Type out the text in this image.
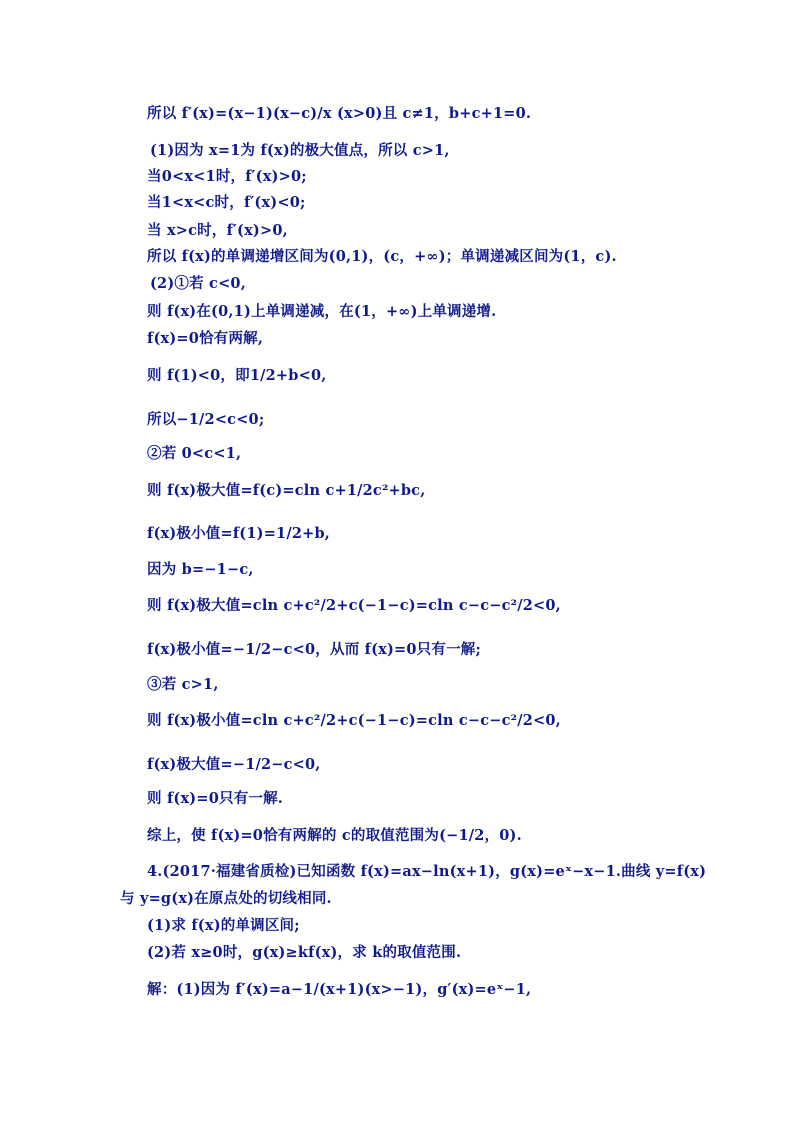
所以 f′(x)=(x−1)(x−c)/x (x>0)且 c≠1，b+c+1=0.
(1)因为 x=1为 f(x)的极大值点，所以 c>1,
当0<x<1时，f′(x)>0;
当1<x<c时，f′(x)<0;
当 x>c时，f′(x)>0,
所以 f(x)的单调递增区间为(0,1)，(c，+∞)；单调递减区间为(1，c).
(2)①若 c<0,
则 f(x)在(0,1)上单调递减，在(1，+∞)上单调递增.
f(x)=0恰有两解,
则 f(1)<0，即1/2+b<0,
所以−1/2<c<0;
②若 0<c<1,
则 f(x)极大值=f(c)=cln c+1/2c²+bc,
f(x)极小值=f(1)=1/2+b,
因为 b=−1−c,
则 f(x)极大值=cln c+c²/2+c(−1−c)=cln c−c−c²/2<0,
f(x)极小值=−1/2−c<0，从而 f(x)=0只有一解;
③若 c>1,
则 f(x)极小值=cln c+c²/2+c(−1−c)=cln c−c−c²/2<0,
f(x)极大值=−1/2−c<0,
则 f(x)=0只有一解.
综上，使 f(x)=0恰有两解的 c的取值范围为(−1/2，0).
4.(2017·福建省质检)已知函数 f(x)=ax−ln(x+1)，g(x)=eˣ−x−1.曲线 y=f(x)
与 y=g(x)在原点处的切线相同.
(1)求 f(x)的单调区间;
(2)若 x≥0时，g(x)≥kf(x)，求 k的取值范围.
解：(1)因为 f′(x)=a−1/(x+1)(x>−1)，g′(x)=eˣ−1,
